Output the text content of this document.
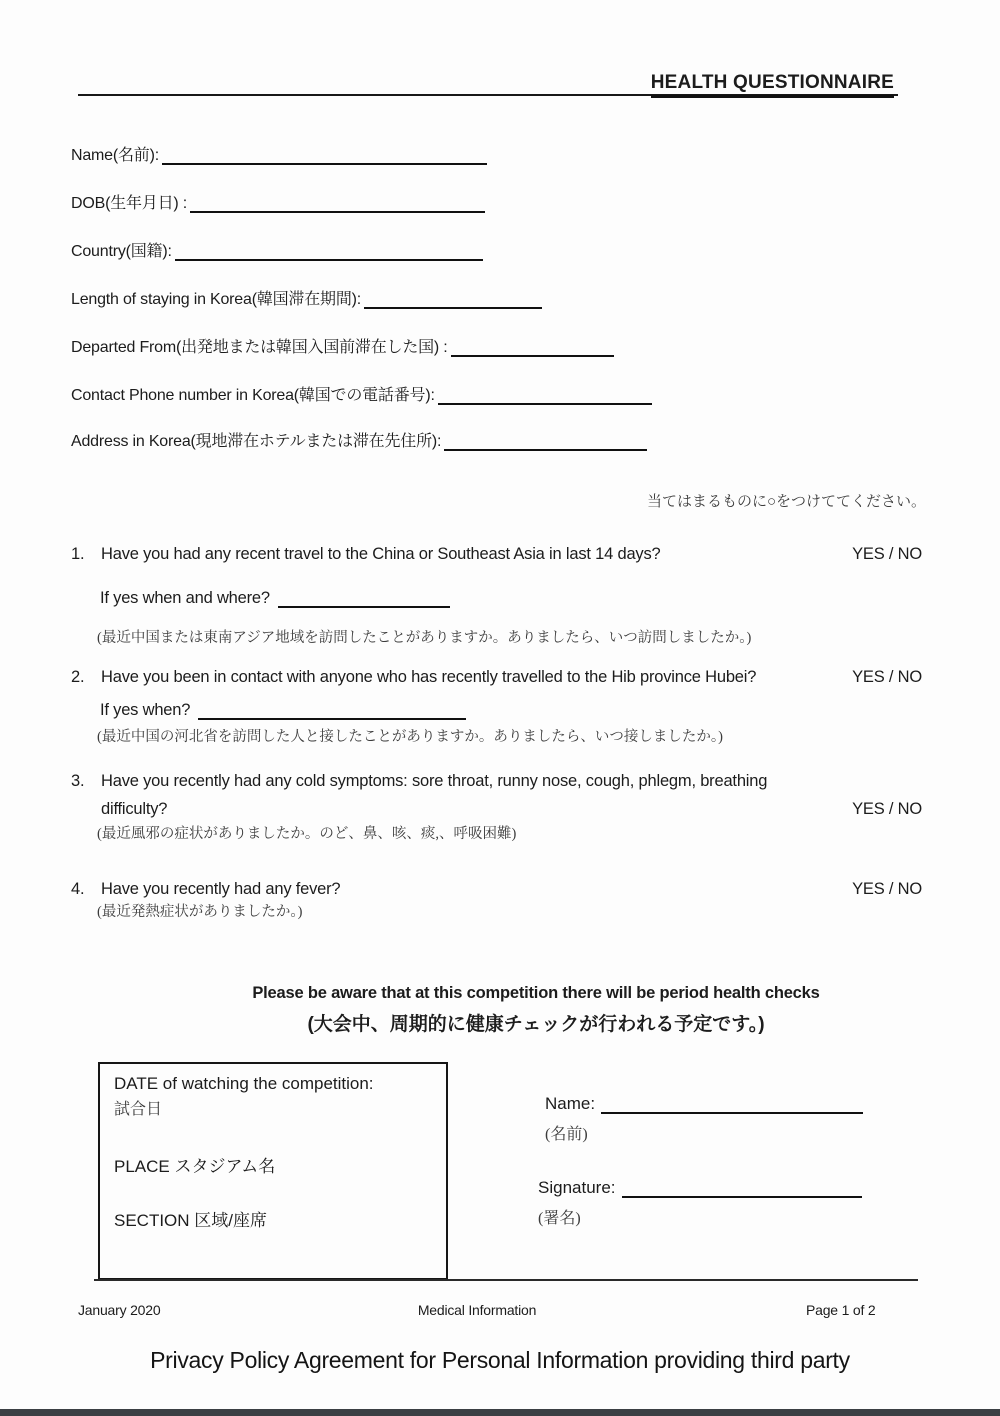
HEALTH QUESTIONNAIRE
Name(名前):
DOB(生年月日) :
Country(国籍):
Length of staying in Korea(韓国滞在期間):
Departed From(出発地または韓国入国前滞在した国) :
Contact Phone number in Korea(韓国での電話番号):
Address in Korea(現地滞在ホテルまたは滞在先住所):
当てはまるものに○をつけててください。
1. Have you had any recent travel to the China or Southeast Asia in last 14 days?	YES / NO
If yes when and where?
(最近中国または東南アジア地域を訪問したことがありますか。ありましたら、いつ訪問しましたか。)
2. Have you been in contact with anyone who has recently travelled to the Hib province Hubei?	YES / NO
If yes when?
(最近中国の河北省を訪問した人と接したことがありますか。ありましたら、いつ接しましたか。)
3. Have you recently had any cold symptoms: sore throat, runny nose, cough, phlegm, breathing difficulty?	YES / NO
(最近風邪の症状がありましたか。のど、鼻、咳、痰,、呼吸困難)
4. Have you recently had any fever?	YES / NO
(最近発熱症状がありましたか。)
Please be aware that at this competition there will be period health checks
(大会中、周期的に健康チェックが行われる予定です。)
DATE of watching the competition:
試合日
PLACE スタジアム名
SECTION 区域/座席
Name:
(名前)
Signature:
(署名)
January 2020	Medical Information	Page 1 of 2
Privacy Policy Agreement for Personal Information providing third party
